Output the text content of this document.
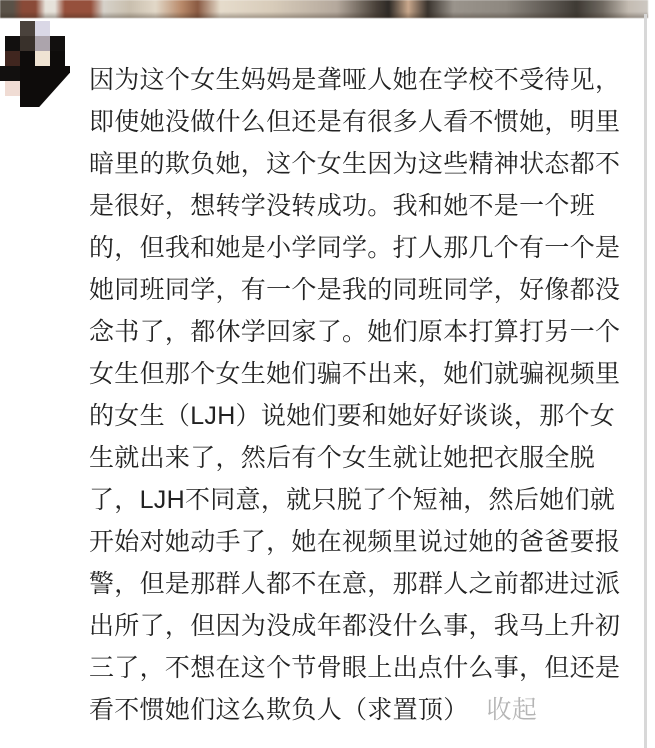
因为这个女生妈妈是聋哑人她在学校不受待见，
即使她没做什么但还是有很多人看不惯她，明里
暗里的欺负她，这个女生因为这些精神状态都不
是很好，想转学没转成功。我和她不是一个班
的，但我和她是小学同学。打人那几个有一个是
她同班同学，有一个是我的同班同学，好像都没
念书了，都休学回家了。她们原本打算打另一个
女生但那个女生她们骗不出来，她们就骗视频里
的女生（LJH）说她们要和她好好谈谈，那个女
生就出来了，然后有个女生就让她把衣服全脱
了，LJH不同意，就只脱了个短袖，然后她们就
开始对她动手了，她在视频里说过她的爸爸要报
警，但是那群人都不在意，那群人之前都进过派
出所了，但因为没成年都没什么事，我马上升初
三了，不想在这个节骨眼上出点什么事，但还是
看不惯她们这么欺负人（求置顶） 收起
